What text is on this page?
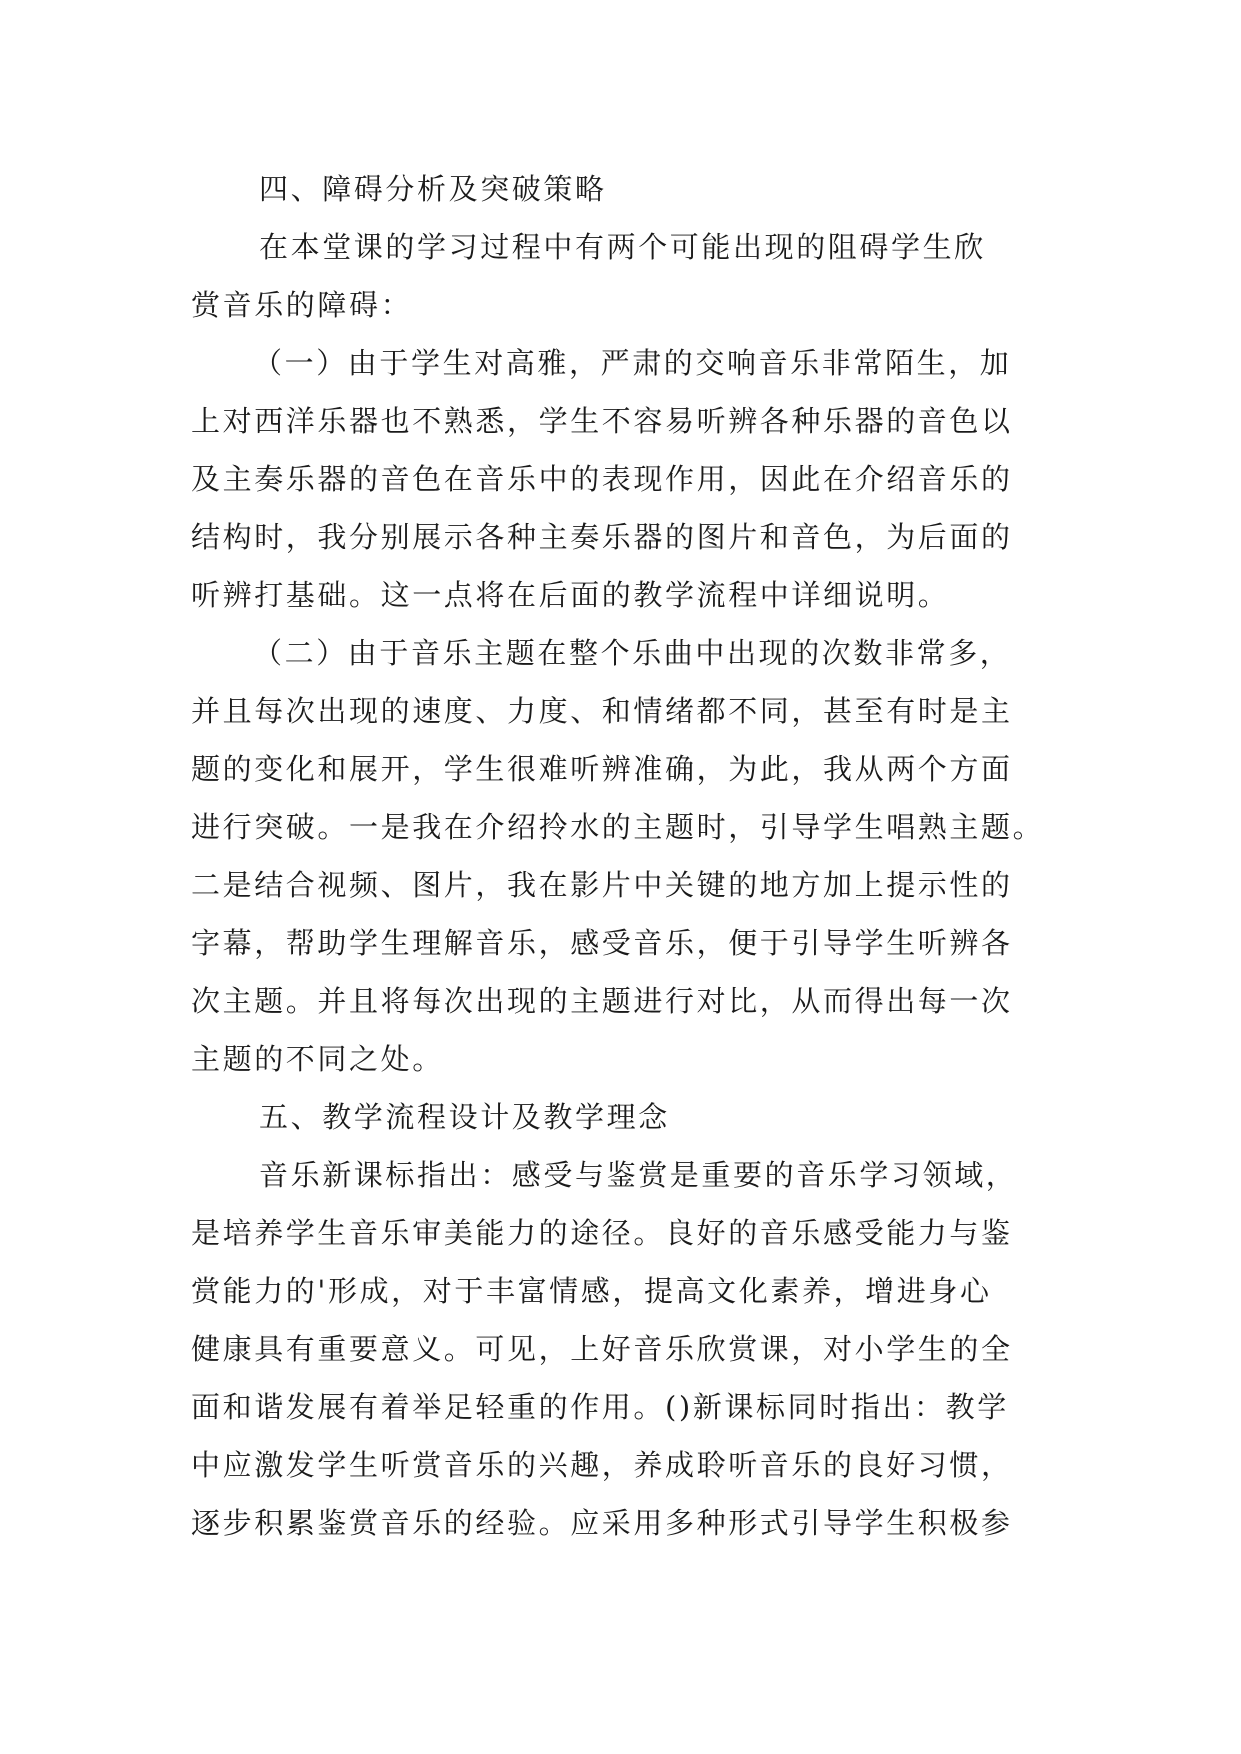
四、障碍分析及突破策略
在本堂课的学习过程中有两个可能出现的阻碍学生欣
赏音乐的障碍：
（一）由于学生对高雅，严肃的交响音乐非常陌生，加
上对西洋乐器也不熟悉，学生不容易听辨各种乐器的音色以
及主奏乐器的音色在音乐中的表现作用，因此在介绍音乐的
结构时，我分别展示各种主奏乐器的图片和音色，为后面的
听辨打基础。这一点将在后面的教学流程中详细说明。
（二）由于音乐主题在整个乐曲中出现的次数非常多，
并且每次出现的速度、力度、和情绪都不同，甚至有时是主
题的变化和展开，学生很难听辨准确，为此，我从两个方面
进行突破。一是我在介绍拎水的主题时，引导学生唱熟主题。
二是结合视频、图片，我在影片中关键的地方加上提示性的
字幕，帮助学生理解音乐，感受音乐，便于引导学生听辨各
次主题。并且将每次出现的主题进行对比，从而得出每一次
主题的不同之处。
五、教学流程设计及教学理念
音乐新课标指出：感受与鉴赏是重要的音乐学习领域，
是培养学生音乐审美能力的途径。良好的音乐感受能力与鉴
赏能力的'形成，对于丰富情感，提高文化素养，增进身心
健康具有重要意义。可见，上好音乐欣赏课，对小学生的全
面和谐发展有着举足轻重的作用。()新课标同时指出：教学
中应激发学生听赏音乐的兴趣，养成聆听音乐的良好习惯，
逐步积累鉴赏音乐的经验。应采用多种形式引导学生积极参
